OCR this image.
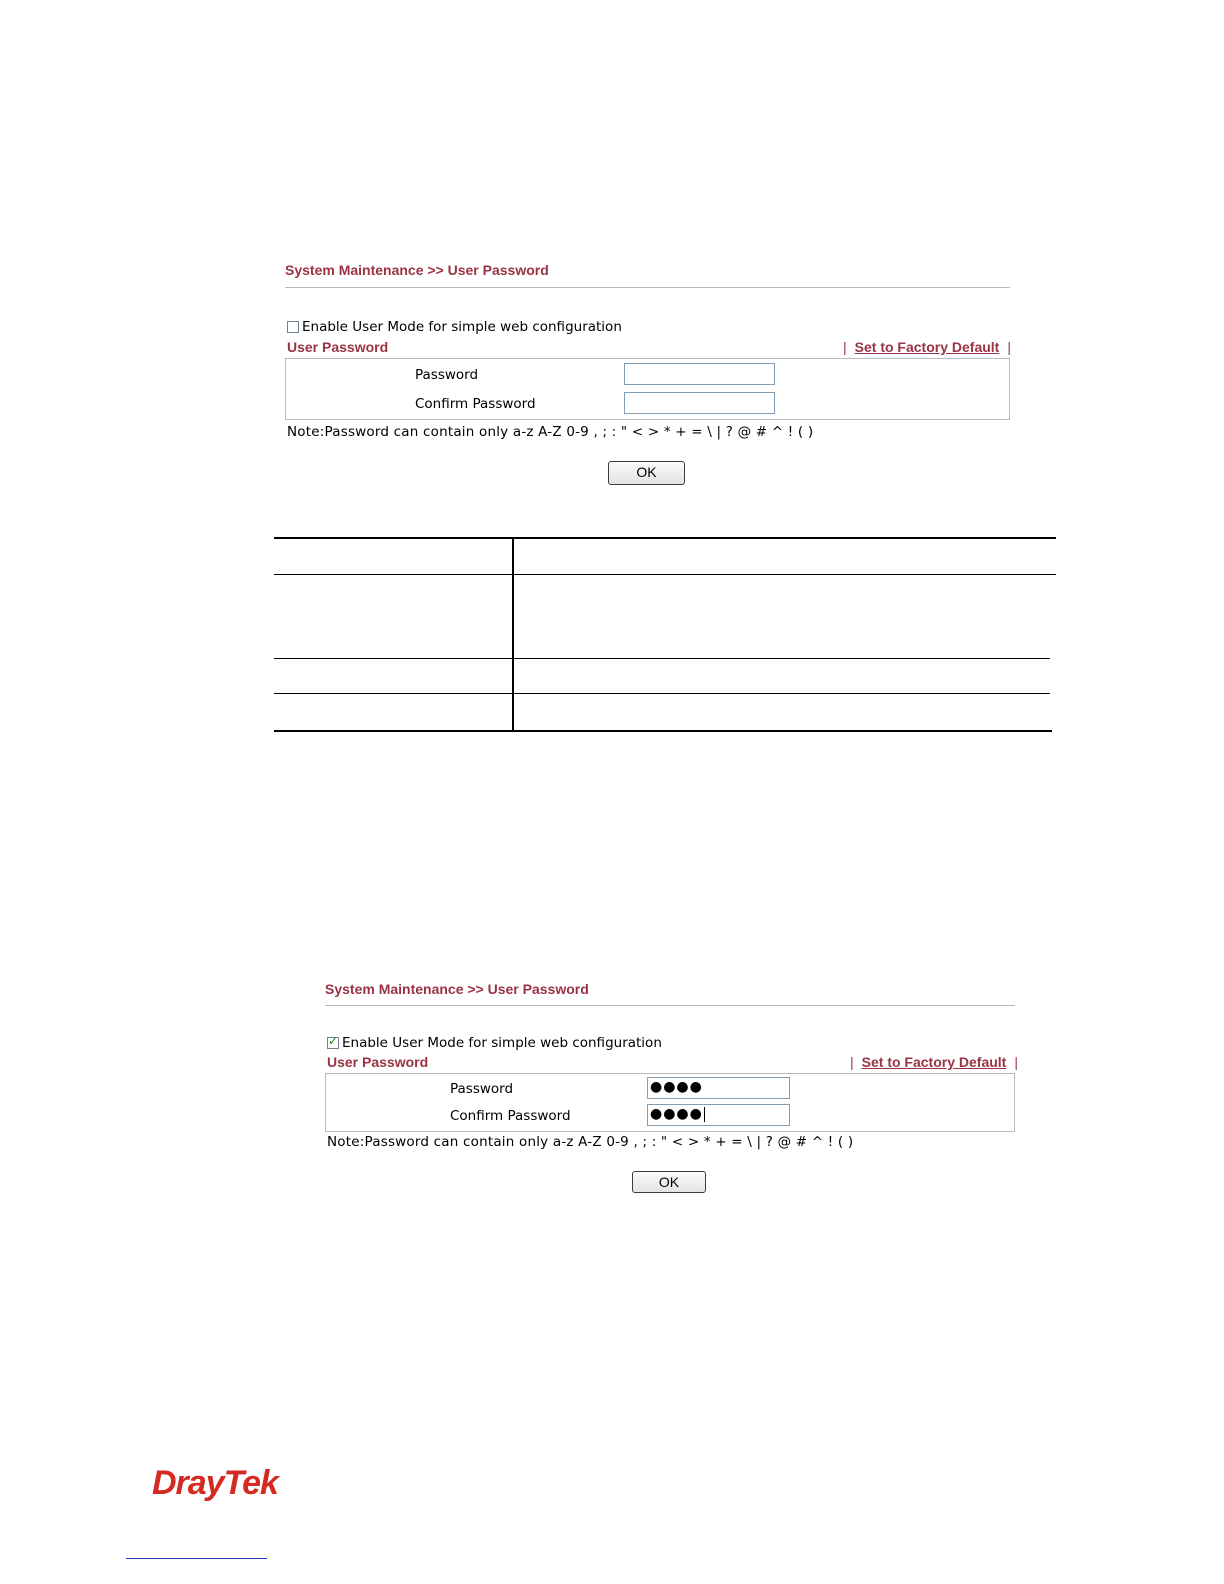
System Maintenance >> User Password
Enable User Mode for simple web configuration
User Password	| Set to Factory Default |
Password
Confirm Password
Note:Password can contain only a-z A-Z 0-9 , ; : " < > * + = \ | ? @ # ^ ! ( )
OK
System Maintenance >> User Password
✓
Enable User Mode for simple web configuration
User Password	| Set to Factory Default |
Password	●●●●
Confirm Password	●●●●
Note:Password can contain only a-z A-Z 0-9 , ; : " < > * + = \ | ? @ # ^ ! ( )
OK
DrayTek
